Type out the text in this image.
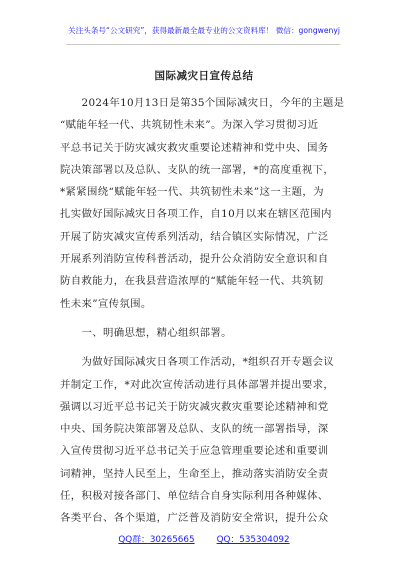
关注头条号“公文研究”，获得最新最全最专业的公文资料库！ 微信：gongwenyj
国际减灾日宣传总结
　　2024年10月13日是第35个国际减灾日，今年的主题是
“赋能年轻一代、共筑韧性未来”。为深入学习贯彻习近
平总书记关于防灾减灾救灾重要论述精神和党中央、国务
院决策部署以及总队、支队的统一部署，*的高度重视下，
*紧紧围绕“赋能年轻一代、共筑韧性未来”这一主题，为
扎实做好国际减灾日各项工作，自10月以来在辖区范围内
开展了防灾减灾宣传系列活动，结合镇区实际情况，广泛
开展系列消防宣传科普活动，提升公众消防安全意识和自
防自救能力，在我县营造浓厚的“赋能年轻一代、共筑韧
性未来”宣传氛围。
　　一、明确思想，精心组织部署。
　　为做好国际减灾日各项工作活动，*组织召开专题会议
并制定工作，*对此次宣传活动进行具体部署并提出要求，
强调以习近平总书记关于防灾减灾救灾重要论述精神和党
中央、国务院决策部署及总队、支队的统一部署指导，深
入宣传贯彻习近平总书记关于应急管理重要论述和重要训
词精神，坚持人民至上，生命至上，推动落实消防安全责
任，积极对接各部门、单位结合自身实际利用各种媒体、
各类平台、各个渠道，广泛普及消防安全常识，提升公众
QQ群：30265665	QQ：535304092
